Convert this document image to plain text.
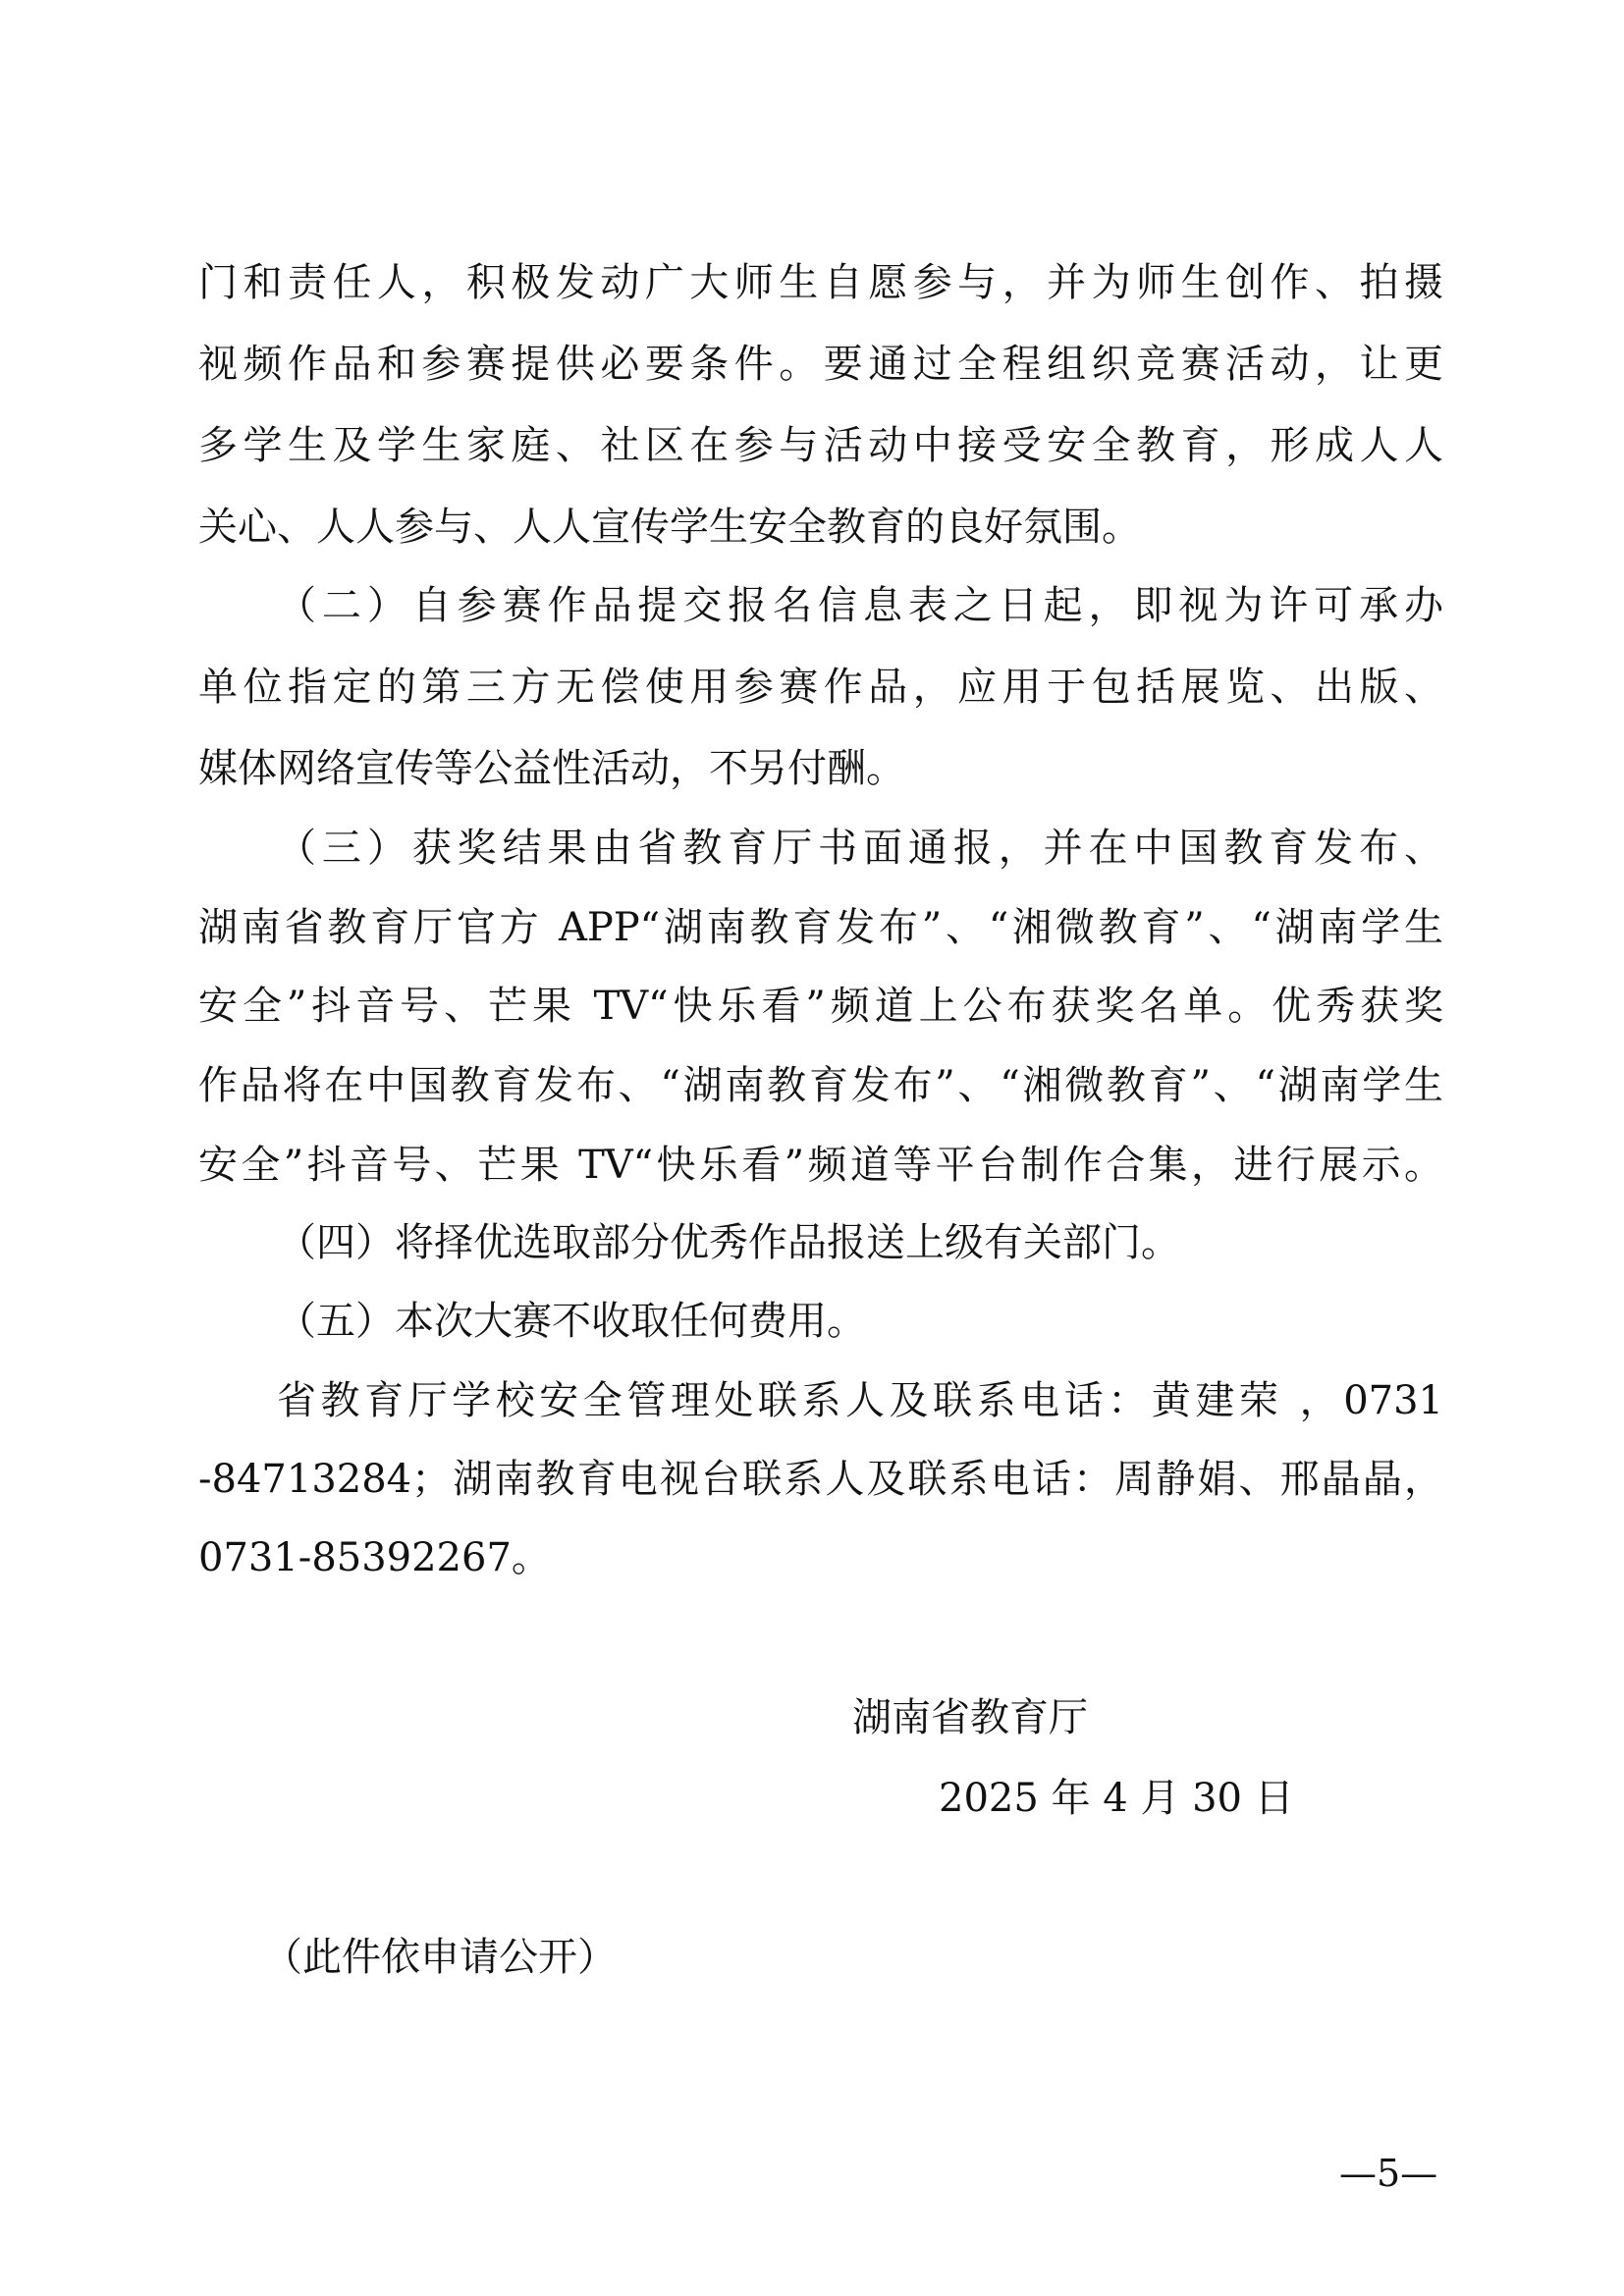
门和责任人，积极发动广大师生自愿参与，并为师生创作、拍摄
视频作品和参赛提供必要条件。要通过全程组织竞赛活动，让更
多学生及学生家庭、社区在参与活动中接受安全教育，形成人人
关心、人人参与、人人宣传学生安全教育的良好氛围。
（二）自参赛作品提交报名信息表之日起，即视为许可承办
单位指定的第三方无偿使用参赛作品，应用于包括展览、出版、
媒体网络宣传等公益性活动，不另付酬。
（三）获奖结果由省教育厅书面通报，并在中国教育发布、
湖南省教育厅官方 APP“湖南教育发布”、“湘微教育”、“湖南学生
安全”抖音号、芒果 TV“快乐看”频道上公布获奖名单。优秀获奖
作品将在中国教育发布、“湖南教育发布”、“湘微教育”、“湖南学生
安全”抖音号、芒果 TV“快乐看”频道等平台制作合集，进行展示。
（四）将择优选取部分优秀作品报送上级有关部门。
（五）本次大赛不收取任何费用。
省教育厅学校安全管理处联系人及联系电话：黄建荣 ，0731
-84713284；湖南教育电视台联系人及联系电话：周静娟、邢晶晶，
0731-85392267。
湖南省教育厅
2025 年 4 月 30 日
（此件依申请公开）
—5—
